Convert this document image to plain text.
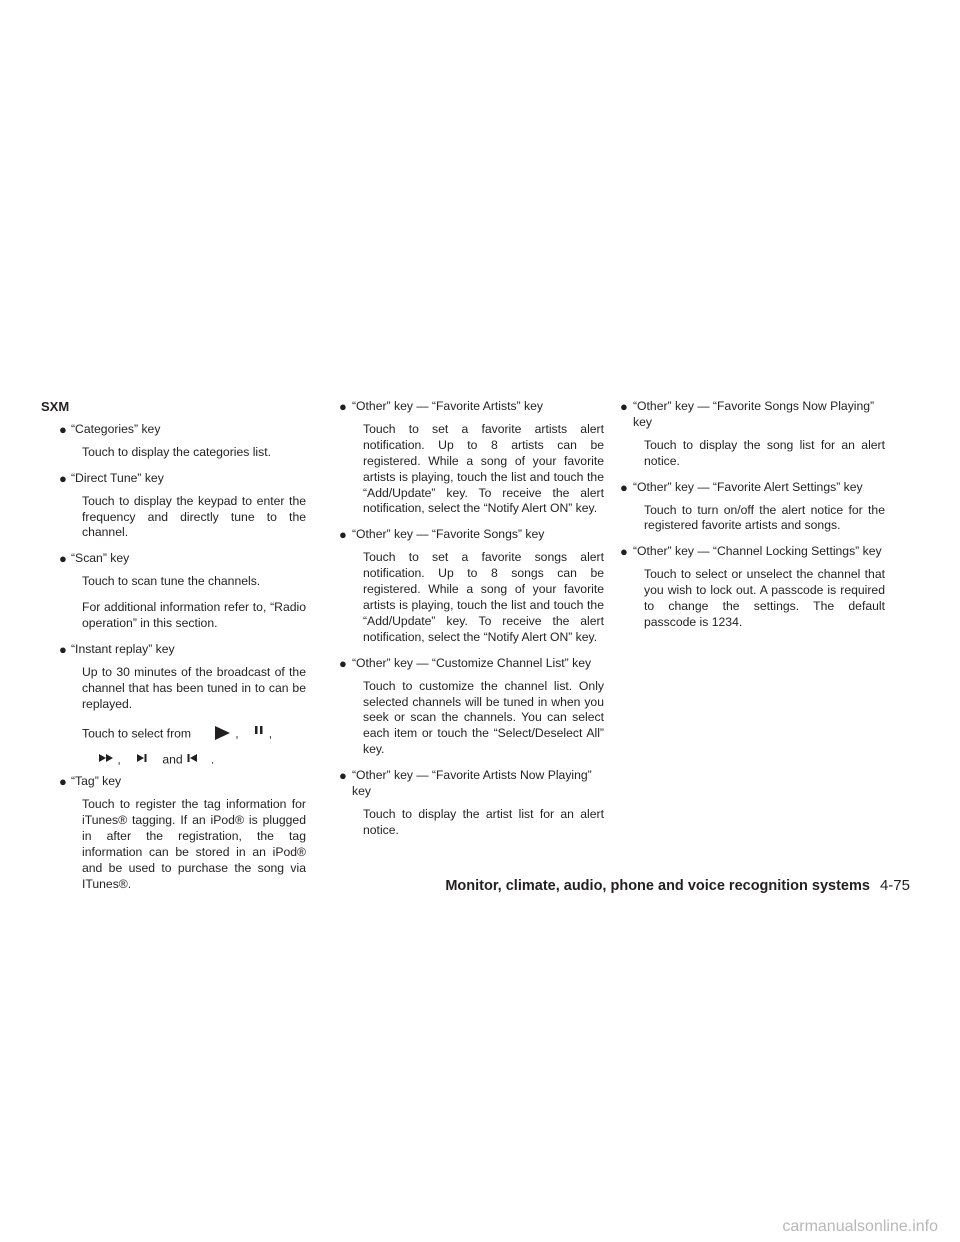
SXM
● “Categories” key
Touch to display the categories list.
● “Direct Tune” key
Touch to display the keypad to enter the frequency and directly tune to the channel.
● “Scan” key
Touch to scan tune the channels.
For additional information refer to, “Radio operation” in this section.
● “Instant replay” key
Up to 30 minutes of the broadcast of the channel that has been tuned in to can be replayed.
Touch to select from	, ,
,	and .
● “Tag” key
Touch to register the tag information for iTunes® tagging. If an iPod® is plugged in after the registration, the tag information can be stored in an iPod® and be used to purchase the song via ITunes®.
● “Other” key — “Favorite Artists” key
Touch to set a favorite artists alert notification. Up to 8 artists can be registered. While a song of your favorite artists is playing, touch the list and touch the “Add/Update” key. To receive the alert notification, select the “Notify Alert ON” key.
● “Other” key — “Favorite Songs” key
Touch to set a favorite songs alert notification. Up to 8 songs can be registered. While a song of your favorite artists is playing, touch the list and touch the “Add/Update” key. To receive the alert notification, select the “Notify Alert ON” key.
● “Other” key — “Customize Channel List” key
Touch to customize the channel list. Only selected channels will be tuned in when you seek or scan the channels. You can select each item or touch the “Select/Deselect All” key.
● “Other” key — “Favorite Artists Now Playing” key
Touch to display the artist list for an alert notice.
● “Other” key — “Favorite Songs Now Playing” key
Touch to display the song list for an alert notice.
● “Other” key — “Favorite Alert Settings” key
Touch to turn on/off the alert notice for the registered favorite artists and songs.
● “Other” key — “Channel Locking Settings” key
Touch to select or unselect the channel that you wish to lock out. A passcode is required to change the settings. The default passcode is 1234.
Monitor, climate, audio, phone and voice recognition systems 4-75
carmanualsonline.info
